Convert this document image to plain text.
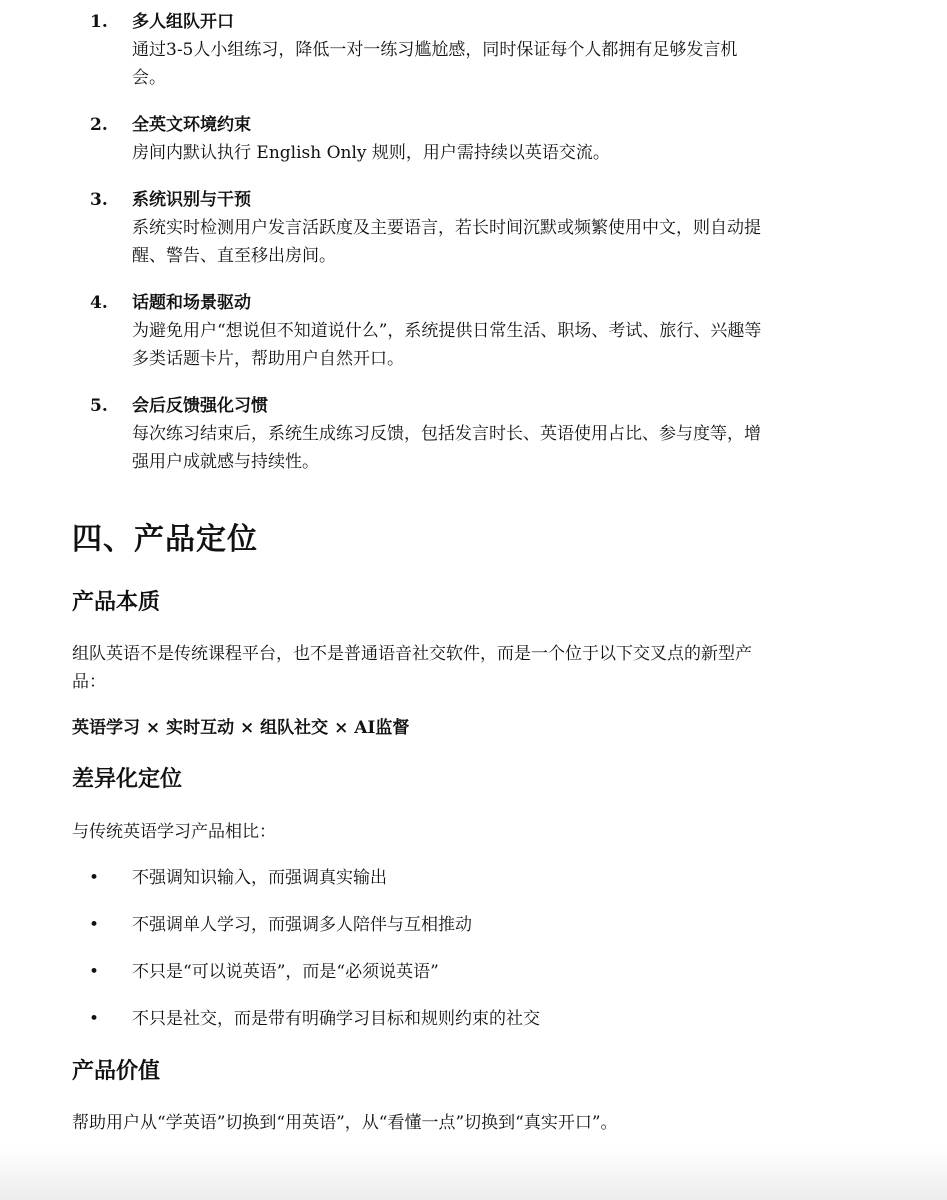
1. 多人组队开口
通过3-5人小组练习，降低一对一练习尴尬感，同时保证每个人都拥有足够发言机
会。
2. 全英文环境约束
房间内默认执行 English Only 规则，用户需持续以英语交流。
3. 系统识别与干预
系统实时检测用户发言活跃度及主要语言，若长时间沉默或频繁使用中文，则自动提
醒、警告、直至移出房间。
4. 话题和场景驱动
为避免用户“想说但不知道说什么”，系统提供日常生活、职场、考试、旅行、兴趣等
多类话题卡片，帮助用户自然开口。
5. 会后反馈强化习惯
每次练习结束后，系统生成练习反馈，包括发言时长、英语使用占比、参与度等，增
强用户成就感与持续性。
四、产品定位
产品本质
组队英语不是传统课程平台，也不是普通语音社交软件，而是一个位于以下交叉点的新型产
品：
英语学习 × 实时互动 × 组队社交 × AI监督
差异化定位
与传统英语学习产品相比：
• 不强调知识输入，而强调真实输出
• 不强调单人学习，而强调多人陪伴与互相推动
• 不只是“可以说英语”，而是“必须说英语”
• 不只是社交，而是带有明确学习目标和规则约束的社交
产品价值
帮助用户从“学英语”切换到“用英语”，从“看懂一点”切换到“真实开口”。
